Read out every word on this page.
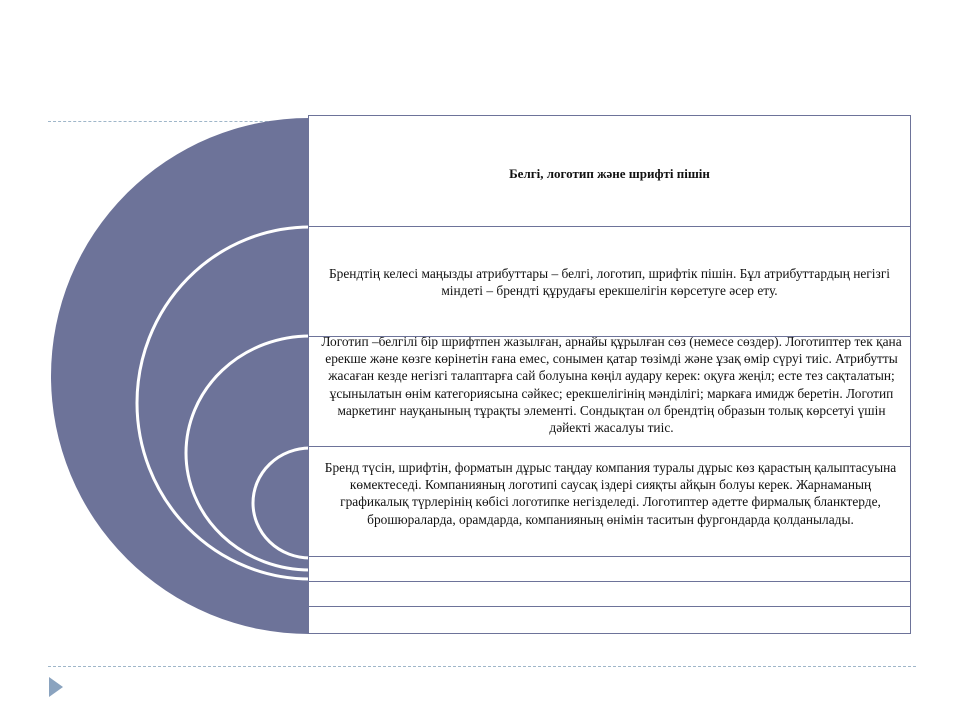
Белгі, логотип және шрифті пішін
Брендтің келесі маңызды атрибуттары – белгі, логотип, шрифтік пішін. Бұл атрибуттардың негізгі міндеті – брендті құрудағы ерекшелігін көрсетуге әсер ету.
Логотип –белгілі бір шрифтпен жазылған, арнайы құрылған сөз (немесе сөздер). Логотиптер тек қана ерекше және көзге көрінетін ғана емес, сонымен қатар төзімді және ұзақ өмір сүруі тиіс. Атрибутты жасаған кезде негізгі талаптарға сай болуына көңіл аудару керек: оқуға жеңіл; есте тез сақталатын; ұсынылатын өнім категориясына сәйкес; ерекшелігінің мәнділігі; маркаға имидж беретін. Логотип маркетинг науқанының тұрақты элементі. Сондықтан ол брендтің образын толық көрсетуі үшін дәйекті жасалуы тиіс.
Бренд түсін, шрифтін, форматын дұрыс таңдау компания туралы дұрыс көз қарастың қалыптасуына көмектеседі. Компанияның логотипі саусақ іздері сияқты айқын болуы керек. Жарнаманың графикалық түрлерінің көбісі логотипке негізделеді. Логотиптер әдетте фирмалық бланктерде, брошюраларда, орамдарда, компанияның өнімін таситын фургондарда қолданылады.
